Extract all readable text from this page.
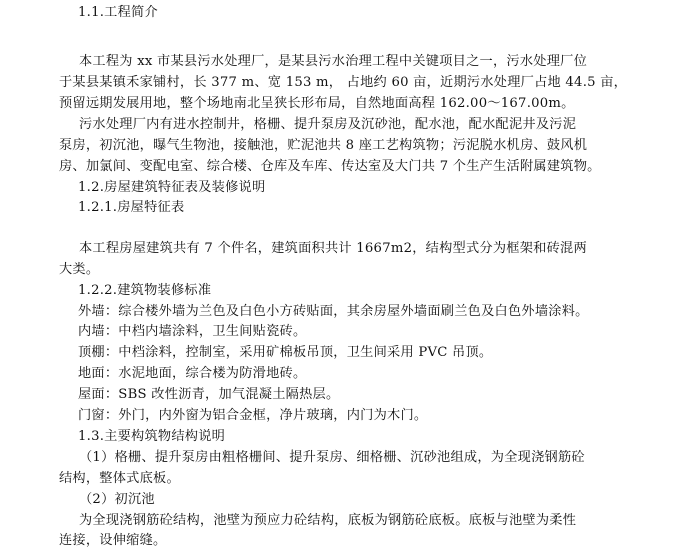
1.1.工程简介

本工程为 xx 市某县污水处理厂，是某县污水治理工程中关键项目之一，污水处理厂位

于某县某镇禾家铺村，长 377 m、宽 153 m， 占地约 60 亩，近期污水处理厂占地 44.5 亩，

预留远期发展用地，整个场地南北呈狭长形布局，自然地面高程 162.00～167.00m。

污水处理厂内有进水控制井，格栅、提升泵房及沉砂池，配水池，配水配泥井及污泥

泵房，初沉池，曝气生物池，接触池，贮泥池共 8 座工艺构筑物；污泥脱水机房、鼓风机

房、加氯间、变配电室、综合楼、仓库及车库、传达室及大门共 7 个生产生活附属建筑物。

1.2.房屋建筑特征表及装修说明

1.2.1.房屋特征表

本工程房屋建筑共有 7 个件名，建筑面积共计 1667m2，结构型式分为框架和砖混两

大类。

1.2.2.建筑物装修标准

外墙：综合楼外墙为兰色及白色小方砖贴面，其余房屋外墙面刷兰色及白色外墙涂料。

内墙：中档内墙涂料，卫生间贴瓷砖。

顶棚：中档涂料，控制室，采用矿棉板吊顶，卫生间采用 PVC 吊顶。

地面：水泥地面，综合楼为防滑地砖。

屋面：SBS 改性沥青，加气混凝土隔热层。

门窗：外门，内外窗为铝合金框，净片玻璃，内门为木门。

1.3.主要构筑物结构说明

（1）格栅、提升泵房由粗格栅间、提升泵房、细格栅、沉砂池组成，为全现浇钢筋砼

结构，整体式底板。

（2）初沉池

为全现浇钢筋砼结构，池壁为预应力砼结构，底板为钢筋砼底板。底板与池壁为柔性

连接，设伸缩缝。
